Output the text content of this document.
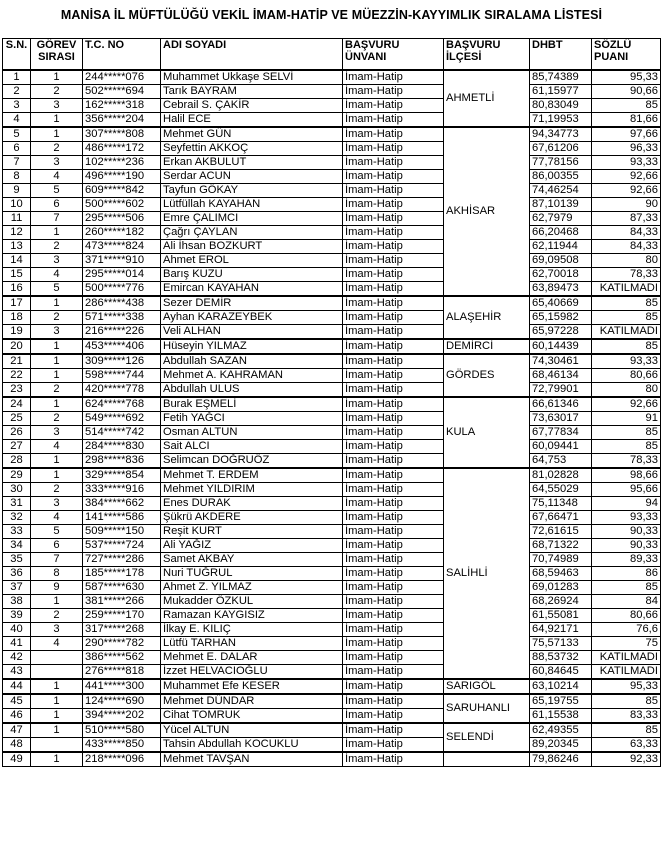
MANİSA İL MÜFTÜLÜĞÜ VEKİL İMAM-HATİP VE MÜEZZİN-KAYYIMLIK SIRALAMA LİSTESİ
S.N.	GÖREV SIRASI	T.C. NO	ADI SOYADI	BAŞVURU ÜNVANI	BAŞVURU İLÇESİ	DHBT	SÖZLÜ PUANI
1	1	244*****076	Muhammet Ukkaşe SELVİ	İmam-Hatip	AHMETLİ	85,74389	95,33
2	2	502*****694	Tarık BAYRAM	İmam-Hatip		61,15977	90,66
3	3	162*****318	Cebrail S. ÇAKİR	İmam-Hatip		80,83049	85
4	1	356*****204	Halil ECE	İmam-Hatip		71,19953	81,66
5	1	307*****808	Mehmet GÜN	İmam-Hatip	AKHİSAR	94,34773	97,66
6	2	486*****172	Seyfettin AKKOÇ	İmam-Hatip		67,61206	96,33
7	3	102*****236	Erkan AKBULUT	İmam-Hatip		77,78156	93,33
8	4	496*****190	Serdar ACUN	İmam-Hatip		86,00355	92,66
9	5	609*****842	Tayfun GÖKAY	İmam-Hatip		74,46254	92,66
10	6	500*****602	Lütfüllah KAYAHAN	İmam-Hatip		87,10139	90
11	7	295*****506	Emre ÇALIMCI	İmam-Hatip		62,7979	87,33
12	1	260*****182	Çağrı ÇAYLAN	İmam-Hatip		66,20468	84,33
13	2	473*****824	Ali İhsan BOZKURT	İmam-Hatip		62,11944	84,33
14	3	371*****910	Ahmet EROL	İmam-Hatip		69,09508	80
15	4	295*****014	Barış KUZU	İmam-Hatip		62,70018	78,33
16	5	500*****776	Emircan KAYAHAN	İmam-Hatip		63,89473	KATILMADI
17	1	286*****438	Sezer DEMİR	İmam-Hatip	ALAŞEHİR	65,40669	85
18	2	571*****338	Ayhan KARAZEYBEK	İmam-Hatip		65,15982	85
19	3	216*****226	Veli ALHAN	İmam-Hatip		65,97228	KATILMADI
20	1	453*****406	Hüseyin YILMAZ	İmam-Hatip	DEMİRCİ	60,14439	85
21	1	309*****126	Abdullah SAZAN	İmam-Hatip	GÖRDES	74,30461	93,33
22	1	598*****744	Mehmet A. KAHRAMAN	İmam-Hatip		68,46134	80,66
23	2	420*****778	Abdullah ULUS	İmam-Hatip		72,79901	80
24	1	624*****768	Burak EŞMELİ	İmam-Hatip	KULA	66,61346	92,66
25	2	549*****692	Fetih YAĞCI	İmam-Hatip		73,63017	91
26	3	514*****742	Osman ALTUN	İmam-Hatip		67,77834	85
27	4	284*****830	Sait ALCI	İmam-Hatip		60,09441	85
28	1	298*****836	Selimcan DOĞRUÖZ	İmam-Hatip		64,753	78,33
29	1	329*****854	Mehmet T. ERDEM	İmam-Hatip	SALİHLİ	81,02828	98,66
30	2	333*****916	Mehmet YILDIRIM	İmam-Hatip		64,55029	95,66
31	3	384*****662	Enes DURAK	İmam-Hatip		75,11348	94
32	4	141*****586	Şükrü AKDERE	İmam-Hatip		67,66471	93,33
33	5	509*****150	Reşit KURT	İmam-Hatip		72,61615	90,33
34	6	537*****724	Ali YAĞIZ	İmam-Hatip		68,71322	90,33
35	7	727*****286	Samet AKBAY	İmam-Hatip		70,74989	89,33
36	8	185*****178	Nuri TUĞRUL	İmam-Hatip		68,59463	86
37	9	587*****630	Ahmet Z. YILMAZ	İmam-Hatip		69,01283	85
38	1	381*****266	Mukadder ÖZKUL	İmam-Hatip		68,26924	84
39	2	259*****170	Ramazan KAYGISIZ	İmam-Hatip		61,55081	80,66
40	3	317*****268	İlkay E. KILIÇ	İmam-Hatip		64,92171	76,6
41	4	290*****782	Lütfü TARHAN	İmam-Hatip		75,57133	75
42		386*****562	Mehmet E. DALAR	İmam-Hatip		88,53732	KATILMADI
43		276*****818	İzzet HELVACIOĞLU	İmam-Hatip		60,84645	KATILMADI
44	1	441*****300	Muhammet Efe KESER	İmam-Hatip	SARIGÖL	63,10214	95,33
45	1	124*****690	Mehmet DÜNDAR	İmam-Hatip	SARUHANLI	65,19755	85
46	1	394*****202	Cihat TOMRUK	İmam-Hatip		61,15538	83,33
47	1	510*****580	Yücel ALTUN	İmam-Hatip	SELENDİ	62,49355	85
48		433*****850	Tahsin Abdullah KOCUKLU	İmam-Hatip		89,20345	63,33
49	1	218*****096	Mehmet TAVŞAN	İmam-Hatip		79,86246	92,33
